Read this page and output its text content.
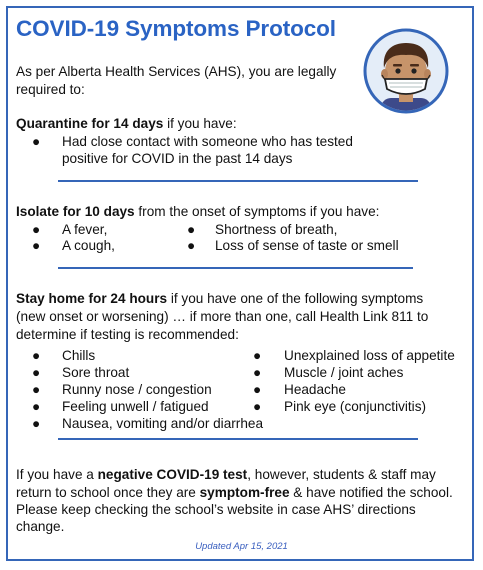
COVID-19 Symptoms Protocol
As per Alberta Health Services (AHS), you are legally
required to:
Quarantine for 14 days if you have:
● Had close contact with someone who has tested
positive for COVID in the past 14 days
Isolate for 10 days from the onset of symptoms if you have:
● A fever,
● A cough,
● Shortness of breath,
● Loss of sense of taste or smell
Stay home for 24 hours if you have one of the following symptoms
(new onset or worsening) … if more than one, call Health Link 811 to
determine if testing is recommended:
● Chills
● Sore throat
● Runny nose / congestion
● Feeling unwell / fatigued
● Nausea, vomiting and/or diarrhea
● Unexplained loss of appetite
● Muscle / joint aches
● Headache
● Pink eye (conjunctivitis)
If you have a negative COVID-19 test, however, students & staff may
return to school once they are symptom-free & have notified the school.
Please keep checking the school’s website in case AHS’ directions
change.
Updated Apr 15, 2021
